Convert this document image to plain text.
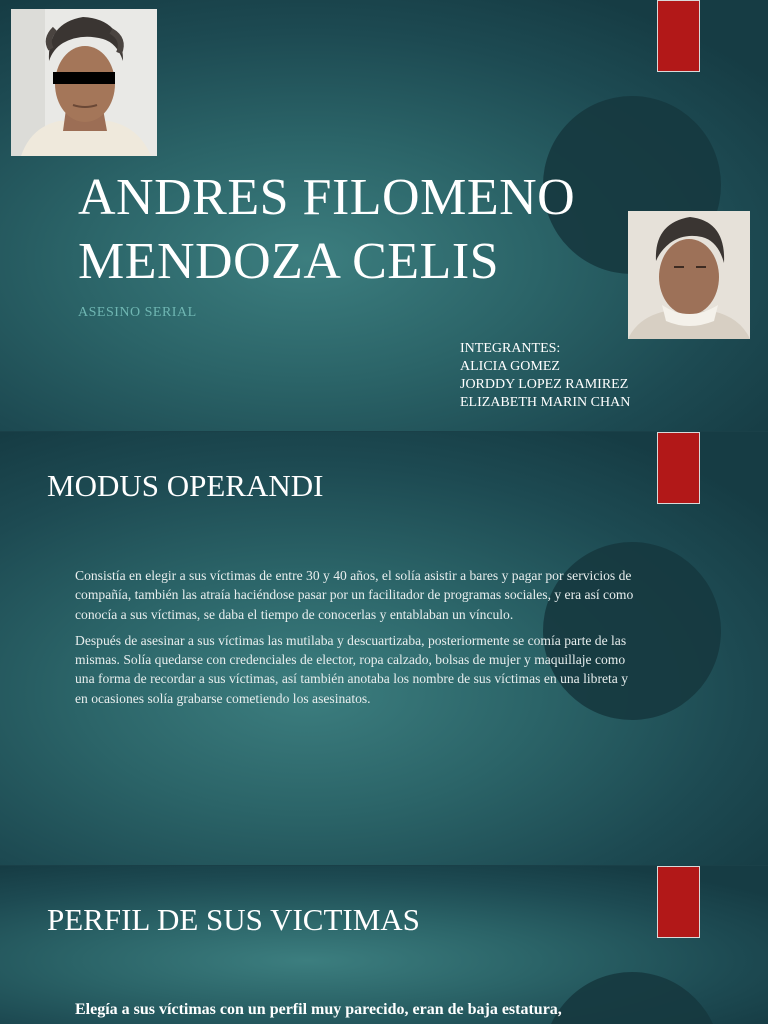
ANDRES FILOMENO
MENDOZA CELIS
ASESINO SERIAL
INTEGRANTES:
ALICIA GOMEZ
JORDDY LOPEZ RAMIREZ
ELIZABETH MARIN CHAN
MODUS OPERANDI

Consistía en elegir a sus víctimas de entre 30 y 40 años, el solía asistir a bares y pagar por servicios de compañía, también las atraía haciéndose pasar por un facilitador de programas sociales, y era así como conocía a sus víctimas, se daba el tiempo de conocerlas y entablaban un vínculo.

Después de asesinar a sus víctimas las mutilaba y descuartizaba, posteriormente se comía parte de las mismas. Solía quedarse con credenciales de elector, ropa calzado, bolsas de mujer y maquillaje como una forma de recordar a sus víctimas, así también anotaba los nombre de sus víctimas en una libreta y en ocasiones solía grabarse cometiendo los asesinatos.

PERFIL DE SUS VICTIMAS
Elegía a sus víctimas con un perfil muy parecido, eran de baja estatura,
